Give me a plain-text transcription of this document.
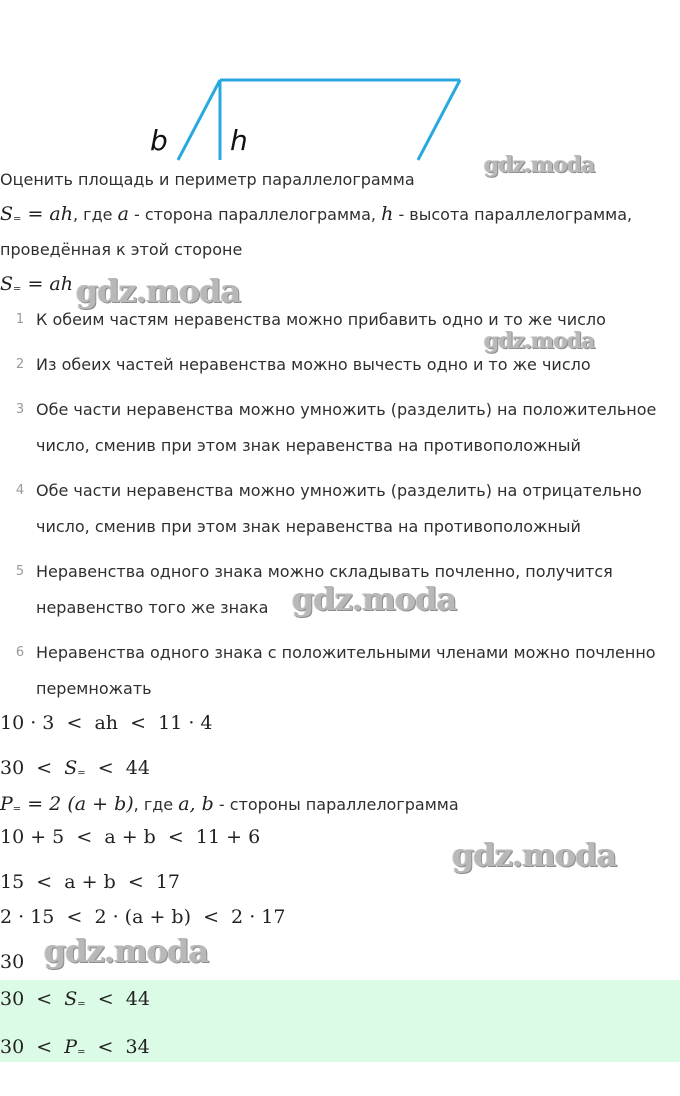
b h
Оценить площадь и периметр параллелограмма
$S_=$ = ah, где a - сторона параллелограмма, h - высота параллелограмма,
проведённая к этой стороне
$S_=$ = ah
1 К обеим частям неравенства можно прибавить одно и то же число
2 Из обеих частей неравенства можно вычесть одно и то же число
3 Обе части неравенства можно умножить (разделить) на положительное
число, сменив при этом знак неравенства на противоположный
4 Обе части неравенства можно умножить (разделить) на отрицательно
число, сменив при этом знак неравенства на противоположный
5 Неравенства одного знака можно складывать почленно, получится
неравенство того же знака
6 Неравенства одного знака с положительными членами можно почленно
перемножать
10 · 3  <  ah  <  11 · 4
$30 < S_= < 44$
$P_= = 2$ (a + b), где a, b - стороны параллелограмма
10 + 5  <  a + b  <  11 + 6
15  <  a + b  <  17
2 · 15  <  2 · (a + b)  <  2 · 17
30
$30 < S_= < 44$
$30 < P_= < 34$
gdz.moda
gdz.moda
gdz.moda
gdz.moda
gdz.moda
gdz.moda
